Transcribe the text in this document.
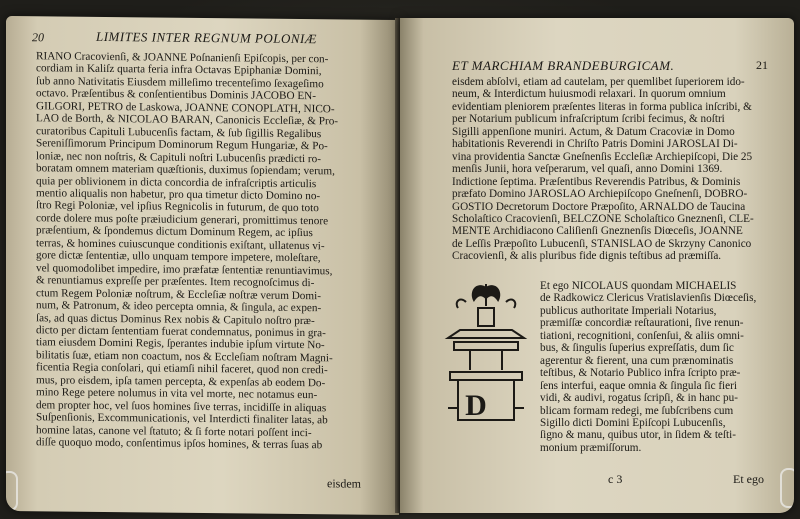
20	LIMITES INTER REGNUM POLONIÆ
RIANO Cracovienſi, & JOANNE Poſnanienſi Epiſcopis, per con-
cordiam in Kaliſz quarta feria infra Octavas Epiphaniæ Domini,
ſub anno Nativitatis Eiusdem milleſimo trecenteſimo ſexageſimo
octavo. Præſentibus & conſentientibus Dominis JACOBO EN-
GILGORI, PETRO de Laskowa, JOANNE CONOPLATH, NICO-
LAO de Borth, & NICOLAO BARAN, Canonicis Eccleſiæ, & Pro-
curatoribus Capituli Lubucenſis factam, & ſub ſigillis Regalibus
Sereniſſimorum Principum Dominorum Regum Hungariæ, & Po-
loniæ, nec non noſtris, & Capituli noſtri Lubucenſis prædicti ro-
boratam omnem materiam quæſtionis, duximus ſopiendam; verum,
quia per oblivionem in dicta concordia de infraſcriptis articulis
mentio aliqualis non habetur, pro qua timetur dicto Domino no-
ſtro Regi Poloniæ, vel ipſius Regnicolis in futurum, de quo toto
corde dolere mus poſte præiudicium generari, promittimus tenore
præſentium, & ſpondemus dictum Dominum Regem, ac ipſius
terras, & homines cuiuscunque conditionis exiſtant, ullatenus vi-
gore dictæ ſententiæ, ullo unquam tempore impetere, moleſtare,
vel quomodolibet impedire, imo præfatæ ſententiæ renuntiavimus,
& renuntiamus expreſſe per præſentes. Item recognoſcimus di-
ctum Regem Poloniæ noſtrum, & Eccleſiæ noſtræ verum Domi-
num, & Patronum, & ideo percepta omnia, & ſingula, ac expen-
ſas, ad quas dictus Dominus Rex nobis & Capitulo noſtro præ-
dicto per dictam ſententiam fuerat condemnatus, ponimus in gra-
tiam eiusdem Domini Regis, ſperantes indubie ipſum virtute No-
bilitatis ſuæ, etiam non coactum, nos & Eccleſiam noſtram Magni-
ficentia Regia conſolari, qui etiamſi nihil faceret, quod non credi-
mus, pro eisdem, ipſa tamen percepta, & expenſas ab eodem Do-
mino Rege petere nolumus in vita vel morte, nec notamus eun-
dem propter hoc, vel ſuos homines ſive terras, incidiſſe in aliquas
Suſpenſionis, Excommunicationis, vel Interdicti finaliter latas, ab
homine latas, canone vel ſtatuto; & ſi forte notari poſſent inci-
diſſe quoquo modo, conſentimus ipſos homines, & terras ſuas ab
eisdem
ET MARCHIAM BRANDEBURGICAM.	21
eisdem abſolvi, etiam ad cautelam, per quemlibet ſuperiorem ido-
neum, & Interdictum huiusmodi relaxari. In quorum omnium
evidentiam pleniorem præſentes literas in forma publica inſcribi, &
per Notarium publicum infraſcriptum ſcribi fecimus, & noſtri
Sigilli appenſione muniri. Actum, & Datum Cracoviæ in Domo
habitationis Reverendi in Chriſto Patris Domini JAROSLAI Di-
vina providentia Sanctæ Gneſnenſis Eccleſiæ Archiepiſcopi, Die 25
menſis Junii, hora veſperarum, vel quaſi, anno Domini 1369.
Indictione ſeptima. Præſentibus Reverendis Patribus, & Dominis
præfato Domino JAROSLAO Archiepiſcopo Gneſnenſi, DOBRO-
GOSTIO Decretorum Doctore Præpoſito, ARNALDO de Taucina
Scholaſtico Cracovienſi, BELCZONE Scholaſtico Gneznenſi, CLE-
MENTE Archidiacono Caliſienſi Gneznenſis Diœceſis, JOANNE
de Leſſis Præpoſito Lubucenſi, STANISLAO de Skrzyny Canonico
Cracovienſi, & alis pluribus fide dignis teſtibus ad præmiſſa.
D
Et ego NICOLAUS quondam MICHAELIS
de Radkowicz Clericus Vratislavienſis Diœceſis,
publicus authoritate Imperiali Notarius,
præmiſſæ concordiæ reſtaurationi, ſive renun-
tiationi, recognitioni, conſenſui, & aliis omni-
bus, & ſingulis ſuperius expreſſatis, dum ſic
agerentur & fierent, una cum prænominatis
teſtibus, & Notario Publico infra ſcripto præ-
ſens interfui, eaque omnia & ſingula ſic fieri
vidi, & audivi, rogatus ſcripſi, & in hanc pu-
blicam formam redegi, me ſubſcribens cum
Sigillo dicti Domini Epiſcopi Lubucenſis,
ſigno & manu, quibus utor, in ſidem & teſti-
monium præmiſſorum.
c 3	Et ego
